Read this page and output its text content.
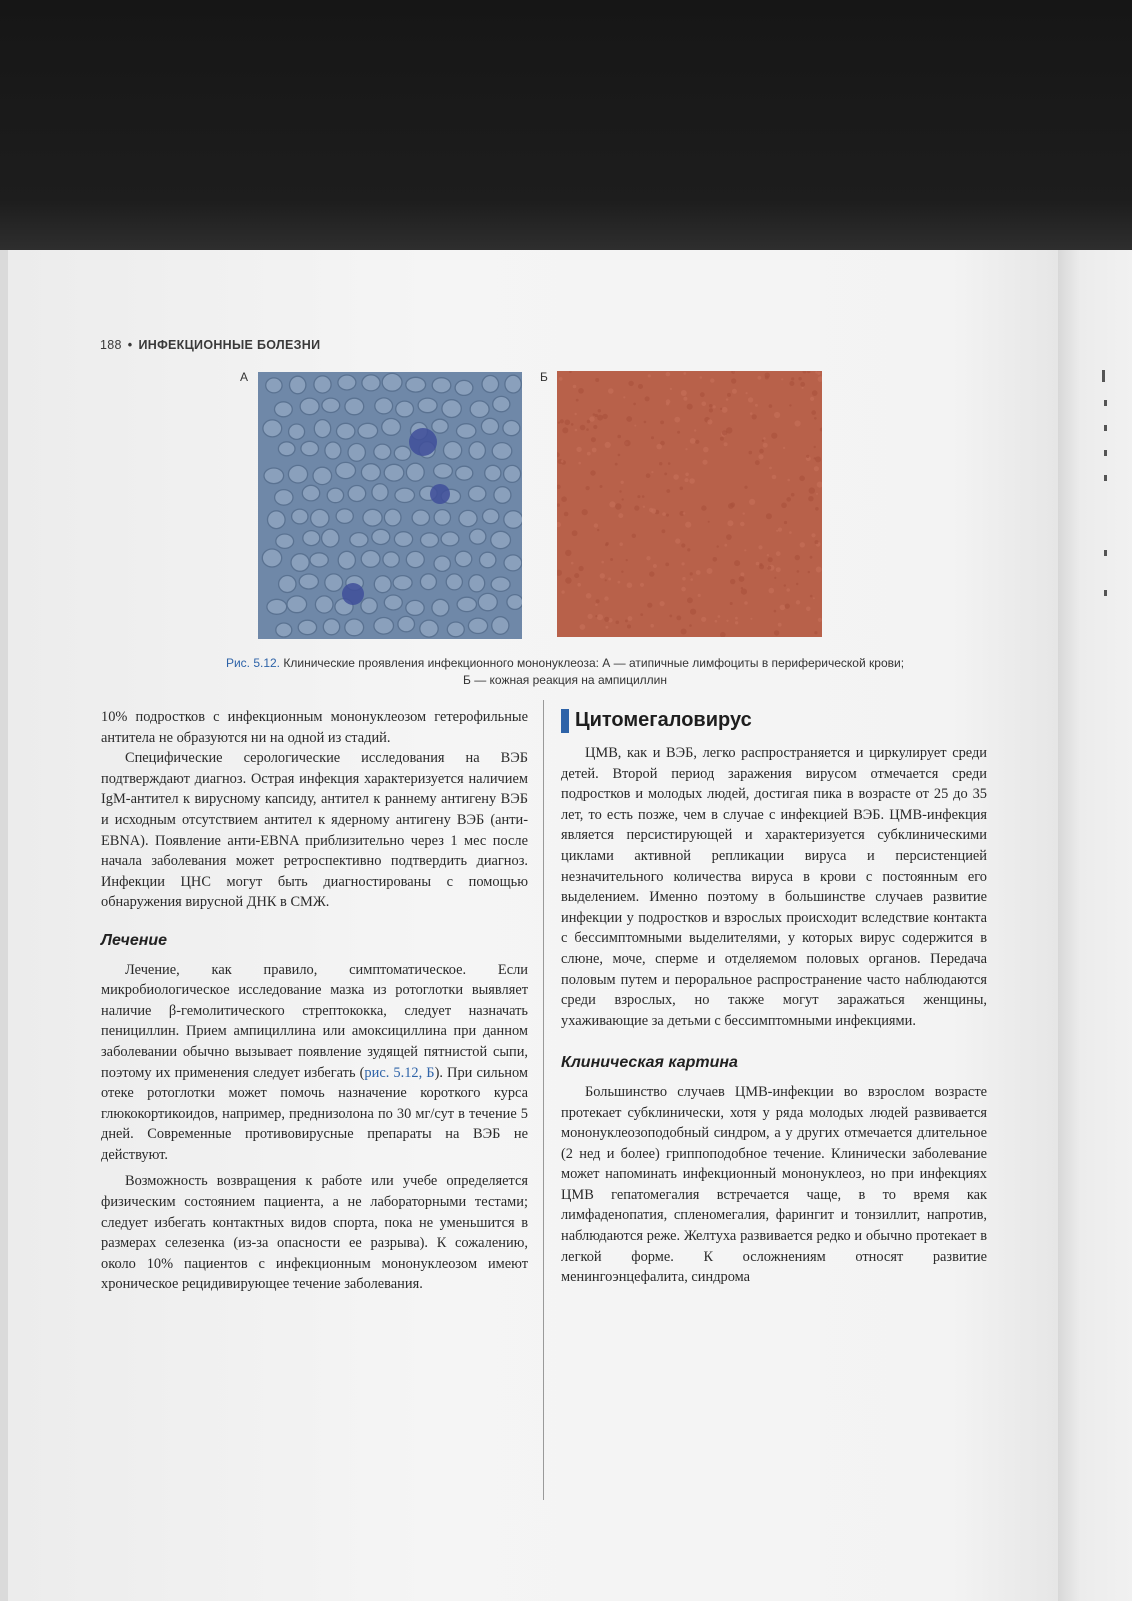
188 • ИНФЕКЦИОННЫЕ БОЛЕЗНИ
А	Б
Рис. 5.12. Клинические проявления инфекционного мононуклеоза: А — атипичные лимфоциты в периферической крови;
Б — кожная реакция на ампициллин

10% подростков с инфекционным мононуклеозом гетерофильные антитела не образуются ни на одной из стадий.

Специфические серологические исследования на ВЭБ подтверждают диагноз. Острая инфекция характеризуется наличием IgM-антител к вирусному капсиду, антител к раннему антигену ВЭБ и исходным отсутствием антител к ядерному антигену ВЭБ (анти-EBNA). Появление анти-EBNA приблизительно через 1 мес после начала заболевания может ретроспективно подтвердить диагноз. Инфекции ЦНС могут быть диагностированы с помощью обнаружения вирусной ДНК в СМЖ.

Лечение

Лечение, как правило, симптоматическое. Если микробиологическое исследование мазка из ротоглотки выявляет наличие β-гемолитического стрептококка, следует назначать пенициллин. Прием ампициллина или амоксициллина при данном заболевании обычно вызывает появление зудящей пятнистой сыпи, поэтому их применения следует избегать (рис. 5.12, Б). При сильном отеке ротоглотки может помочь назначение короткого курса глюкокортикоидов, например, преднизолона по 30 мг/сут в течение 5 дней. Современные противовирусные препараты на ВЭБ не действуют.

Возможность возвращения к работе или учебе определяется физическим состоянием пациента, а не лабораторными тестами; следует избегать контактных видов спорта, пока не уменьшится в размерах селезенка (из-за опасности ее разрыва). К сожалению, около 10% пациентов с инфекционным мононуклеозом имеют хроническое рецидивирующее течение заболевания.

Цитомегаловирус

ЦМВ, как и ВЭБ, легко распространяется и циркулирует среди детей. Второй период заражения вирусом отмечается среди подростков и молодых людей, достигая пика в возрасте от 25 до 35 лет, то есть позже, чем в случае с инфекцией ВЭБ. ЦМВ-инфекция является персистирующей и характеризуется субклиническими циклами активной репликации вируса и персистенцией незначительного количества вируса в крови с постоянным его выделением. Именно поэтому в большинстве случаев развитие инфекции у подростков и взрослых происходит вследствие контакта с бессимптомными выделителями, у которых вирус содержится в слюне, моче, сперме и отделяемом половых органов. Передача половым путем и пероральное распространение часто наблюдаются среди взрослых, но также могут заражаться женщины, ухаживающие за детьми с бессимптомными инфекциями.

Клиническая картина

Большинство случаев ЦМВ-инфекции во взрослом возрасте протекает субклинически, хотя у ряда молодых людей развивается мононуклеозоподобный синдром, а у других отмечается длительное (2 нед и более) гриппоподобное течение. Клинически заболевание может напоминать инфекционный мононуклеоз, но при инфекциях ЦМВ гепатомегалия встречается чаще, в то время как лимфаденопатия, спленомегалия, фарингит и тонзиллит, напротив, наблюдаются реже. Желтуха развивается редко и обычно протекает в легкой форме. К осложнениям относят развитие менингоэнцефалита, синдрома
